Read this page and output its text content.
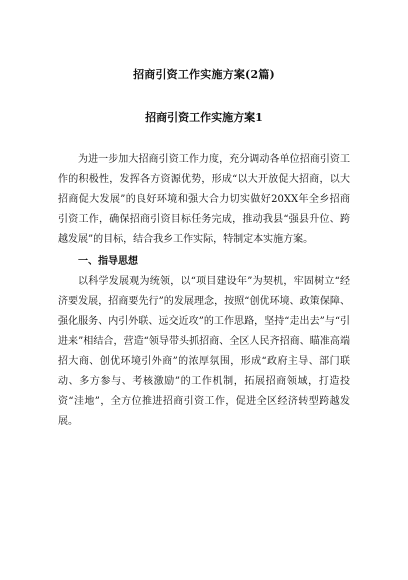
招商引资工作实施方案(2篇)
招商引资工作实施方案1

为进一步加大招商引资工作力度，充分调动各单位招商引资工作的积极性，发挥各方资源优势，形成“以大开放促大招商，以大招商促大发展”的良好环境和强大合力切实做好20XX年全乡招商引资工作，确保招商引资目标任务完成，推动我县“强县升位、跨越发展”的目标，结合我乡工作实际，特制定本实施方案。

一、指导思想

以科学发展观为统领，以“项目建设年”为契机，牢固树立“经济要发展，招商要先行”的发展理念，按照“创优环境、政策保障、强化服务、内引外联、远交近攻”的工作思路，坚持“走出去”与“引进来”相结合，营造“领导带头抓招商、全区人民齐招商、瞄准高端招大商、创优环境引外商”的浓厚氛围，形成“政府主导、部门联动、多方参与、考核激励”的工作机制，拓展招商领域，打造投资“洼地”，全方位推进招商引资工作，促进全区经济转型跨越发展。
